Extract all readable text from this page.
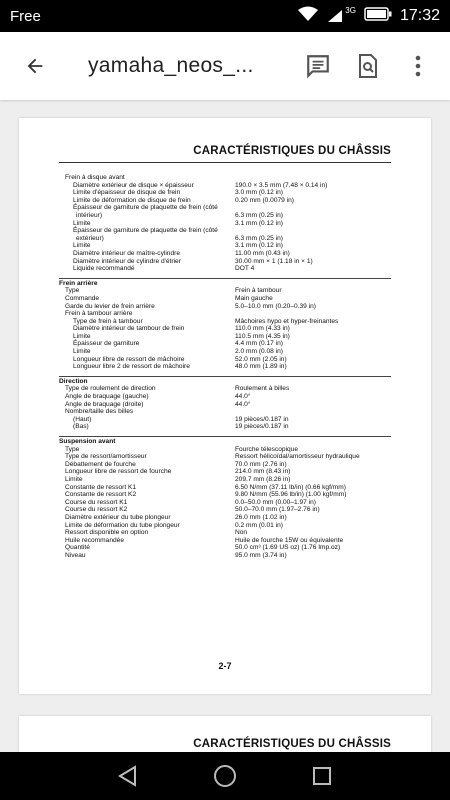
Free	3G	17:32
yamaha_neos_...
CARACTÉRISTIQUES DU CHÂSSIS
Frein à disque avant
Diamètre extérieur de disque × épaisseur	190.0 × 3.5 mm (7.48 × 0.14 in)
Limite d'épaisseur de disque de frein	3.0 mm (0.12 in)
Limite de déformation de disque de frein	0.20 mm (0.0079 in)
Épaisseur de garniture de plaquette de frein (côté
intérieur)	6.3 mm (0.25 in)
Limite	3.1 mm (0.12 in)
Épaisseur de garniture de plaquette de frein (côté
extérieur)	6.3 mm (0.25 in)
Limite	3.1 mm (0.12 in)
Diamètre intérieur de maître-cylindre	11.00 mm (0.43 in)
Diamètre intérieur de cylindre d'étrier	30.00 mm × 1 (1.18 in × 1)
Liquide recommandé	DOT 4
Frein arrière
Type	Frein à tambour
Commande	Main gauche
Garde du levier de frein arrière	5.0–10.0 mm (0.20–0.39 in)
Frein à tambour arrière
Type de frein à tambour	Mâchoires hypo et hyper-freinantes
Diamètre intérieur de tambour de frein	110.0 mm (4.33 in)
Limite	110.5 mm (4.35 in)
Épaisseur de garniture	4.4 mm (0.17 in)
Limite	2.0 mm (0.08 in)
Longueur libre de ressort de mâchoire	52.0 mm (2.05 in)
Longueur libre 2 de ressort de mâchoire	48.0 mm (1.89 in)
Direction
Type de roulement de direction	Roulement à billes
Angle de braquage (gauche)	44.0°
Angle de braquage (droite)	44.0°
Nombre/taille des billes
(Haut)	19 pièces/0.187 in
(Bas)	19 pièces/0.187 in
Suspension avant
Type	Fourche télescopique
Type de ressort/amortisseur	Ressort hélicoïdal/amortisseur hydraulique
Débattement de fourche	70.0 mm (2.76 in)
Longueur libre de ressort de fourche	214.0 mm (8.43 in)
Limite	209.7 mm (8.26 in)
Constante de ressort K1	6.50 N/mm (37.11 lb/in) (0.66 kgf/mm)
Constante de ressort K2	9.80 N/mm (55.96 lb/in) (1.00 kgf/mm)
Course du ressort K1	0.0–50.0 mm (0.00–1.97 in)
Course du ressort K2	50.0–70.0 mm (1.97–2.76 in)
Diamètre extérieur du tube plongeur	26.0 mm (1.02 in)
Limite de déformation du tube plongeur	0.2 mm (0.01 in)
Ressort disponible en option	Non
Huile recommandée	Huile de fourche 15W ou équivalente
Quantité	50.0 cm³ (1.69 US oz) (1.76 Imp.oz)
Niveau	95.0 mm (3.74 in)
2-7
CARACTÉRISTIQUES DU CHÂSSIS
